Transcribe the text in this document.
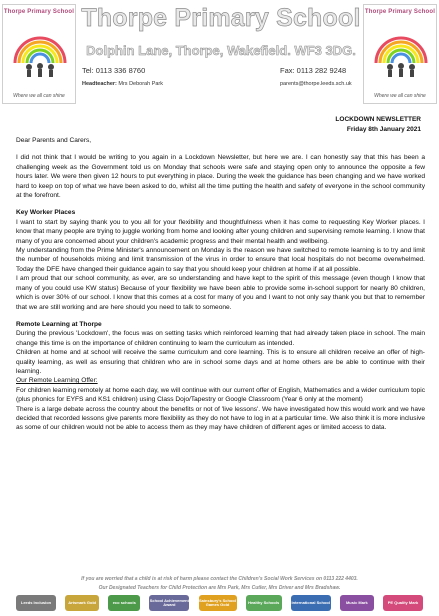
Thorpe Primary School
Where we all can shine
Thorpe Primary School
Where we all can shine
Thorpe Primary School
Dolphin Lane, Thorpe, Wakefield. WF3 3DG.
Tel: 0113 336 8760	Fax: 0113 282 9248
Headteacher: Mrs Deborah Park	parents@thorpe.leeds.sch.uk
LOCKDOWN NEWSLETTER
Friday 8th January 2021

Dear Parents and Carers,

I did not think that I would be writing to you again in a Lockdown Newsletter, but here we are. I can honestly say that this has been a challenging week as the Government told us on Monday that schools were safe and staying open only to announce the opposite a few hours later. We were then given 12 hours to put everything in place. During the week the guidance has been changing and we have worked hard to keep on top of what we have been asked to do, whilst all the time putting the health and safety of everyone in the school community at the forefront.

Key Worker Places

I want to start by saying thank you to you all for your flexibility and thoughtfulness when it has come to requesting Key Worker places. I know that many people are trying to juggle working from home and looking after young children and supervising remote learning. I know that many of you are concerned about your children's academic progress and their mental health and wellbeing.

My understanding from the Prime Minister's announcement on Monday is the reason we have switched to remote learning is to try and limit the number of households mixing and limit transmission of the virus in order to ensure that local hospitals do not become overwhelmed. Today the DFE have changed their guidance again to say that you should keep your children at home if at all possible.

I am proud that our school community, as ever, are so understanding and have kept to the spirit of this message (even though I know that many of you could use KW status) Because of your flexibility we have been able to provide some in-school support for nearly 80 children, which is over 30% of our school. I know that this comes at a cost for many of you and I want to not only say thank you but that to remember that we are still working and are here should you need to talk to someone.

Remote Learning at Thorpe

During the previous 'Lockdown', the focus was on setting tasks which reinforced learning that had already taken place in school. The main change this time is on the importance of children continuing to learn the curriculum as intended.

Children at home and at school will receive the same curriculum and core learning. This is to ensure all children receive an offer of high-quality learning, as well as ensuring that children who are in school some days and at home others are be able to continue with their learning.

Our Remote Learning Offer:

For children learning remotely at home each day, we will continue with our current offer of English, Mathematics and a wider curriculum topic (plus phonics for EYFS and KS1 children) using Class Dojo/Tapestry or Google Classroom (Year 6 only at the moment)

There is a large debate across the country about the benefits or not of 'live lessons'. We have investigated how this would work and we have decided that recorded lessons give parents more flexibility as they do not have to log in at a particular time. We also think it is more inclusive as some of our children would not be able to access them as they may have children of different ages or limited access to data.

If you are worried that a child is at risk of harm please contact the Children's Social Work Services on 0113 222 4403.
Our Designated Teachers for Child Protection are Mrs Park, Mrs Cutler, Mrs Driver and Mrs Bradshaw.
Leeds Inclusion	Artsmark Gold	eco schools	School Achievement Award
Sainsbury's School Games Gold	Healthy Schools	International School	Music Mark	PE Quality Mark
